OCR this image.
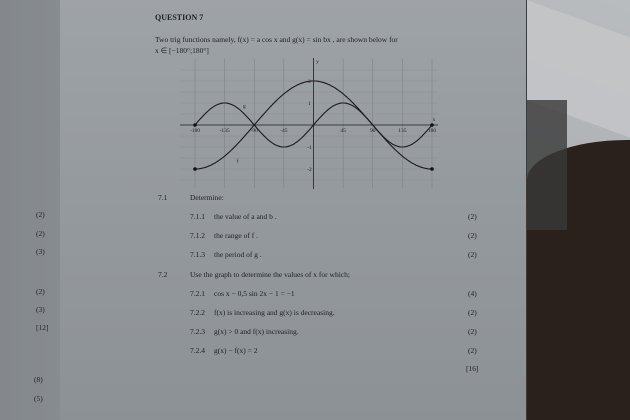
QUESTION 7
Two trig functions namely, f(x) = a cos x and g(x) = sin bx , are shown below for
x ∈ [−180°;180°]
-180	-135	-90	-45	45	90	135	180
2
1
-1
-2
y
x
g
f
7.1	Determine:
7.1.1 the value of a and b .	(2)
7.1.2 the range of f .	(2)
7.1.3 the period of g .	(2)
7.2	Use the graph to determine the values of x for which;
7.2.1 cos x − 0,5 sin 2x − 1 = −1	(4)
7.2.2 f(x) is increasing and g(x) is decreasing.	(2)
7.2.3 g(x) > 0 and f(x) increasing.	(2)
7.2.4 g(x) − f(x) = 2	(2)
[16]
(2)
(2)
(3)
(2)
(3)
[12]
(8)
(5)
